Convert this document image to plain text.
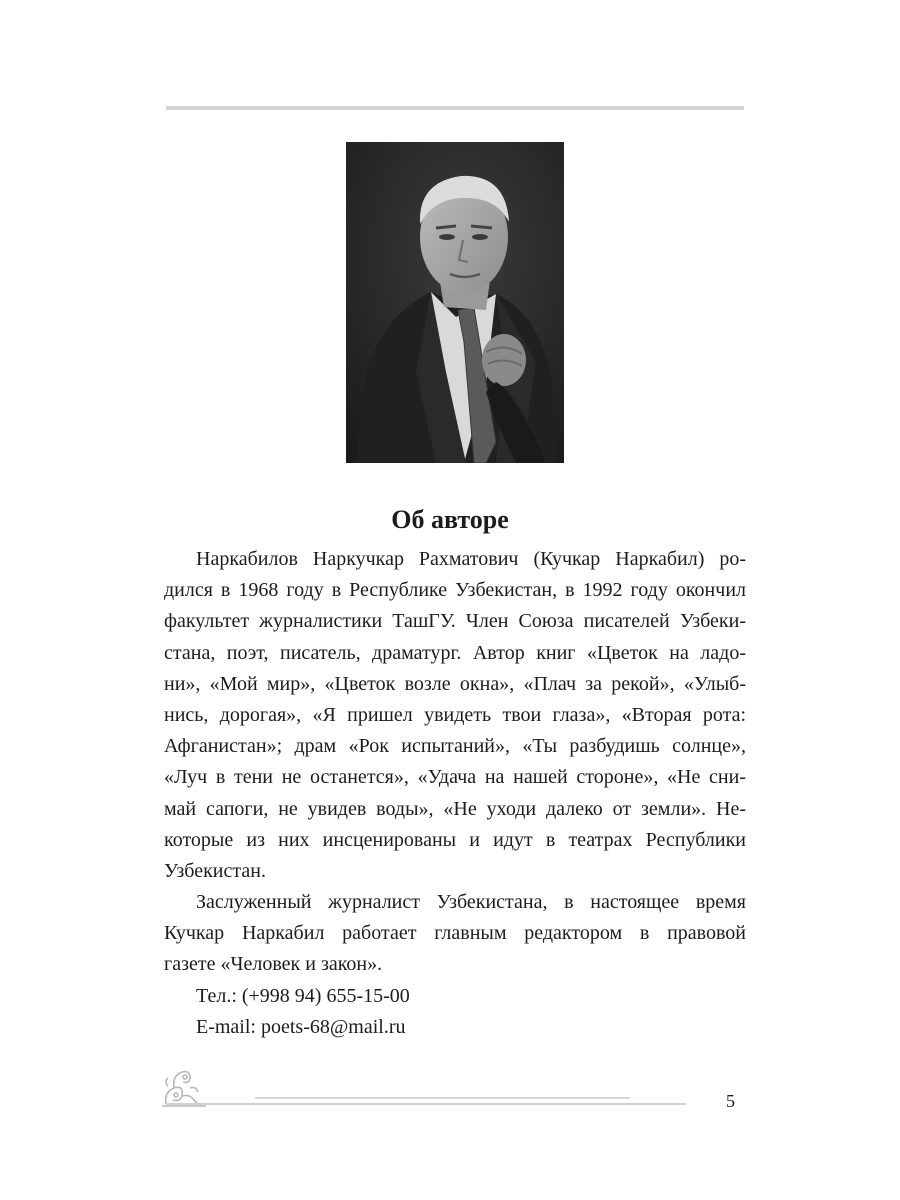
Об авторе
Наркабилов Наркучкар Рахматович (Кучкар Наркабил) ро-
дился в 1968 году в Республике Узбекистан, в 1992 году окончил
факультет журналистики ТашГУ. Член Союза писателей Узбеки-
стана, поэт, писатель, драматург. Автор книг «Цветок на ладо-
ни», «Мой мир», «Цветок возле окна», «Плач за рекой», «Улыб-
нись, дорогая», «Я пришел увидеть твои глаза», «Вторая рота:
Афганистан»; драм «Рок испытаний», «Ты разбудишь солнце»,
«Луч в тени не останется», «Удача на нашей стороне», «Не сни-
май сапоги, не увидев воды», «Не уходи далеко от земли». Не-
которые из них инсценированы и идут в театрах Республики
Узбекистан.
Заслуженный журналист Узбекистана, в настоящее время
Кучкар Наркабил работает главным редактором в правовой
газете «Человек и закон».
Тел.: (+998 94) 655-15-00
E-mail: poets-68@mail.ru
5
